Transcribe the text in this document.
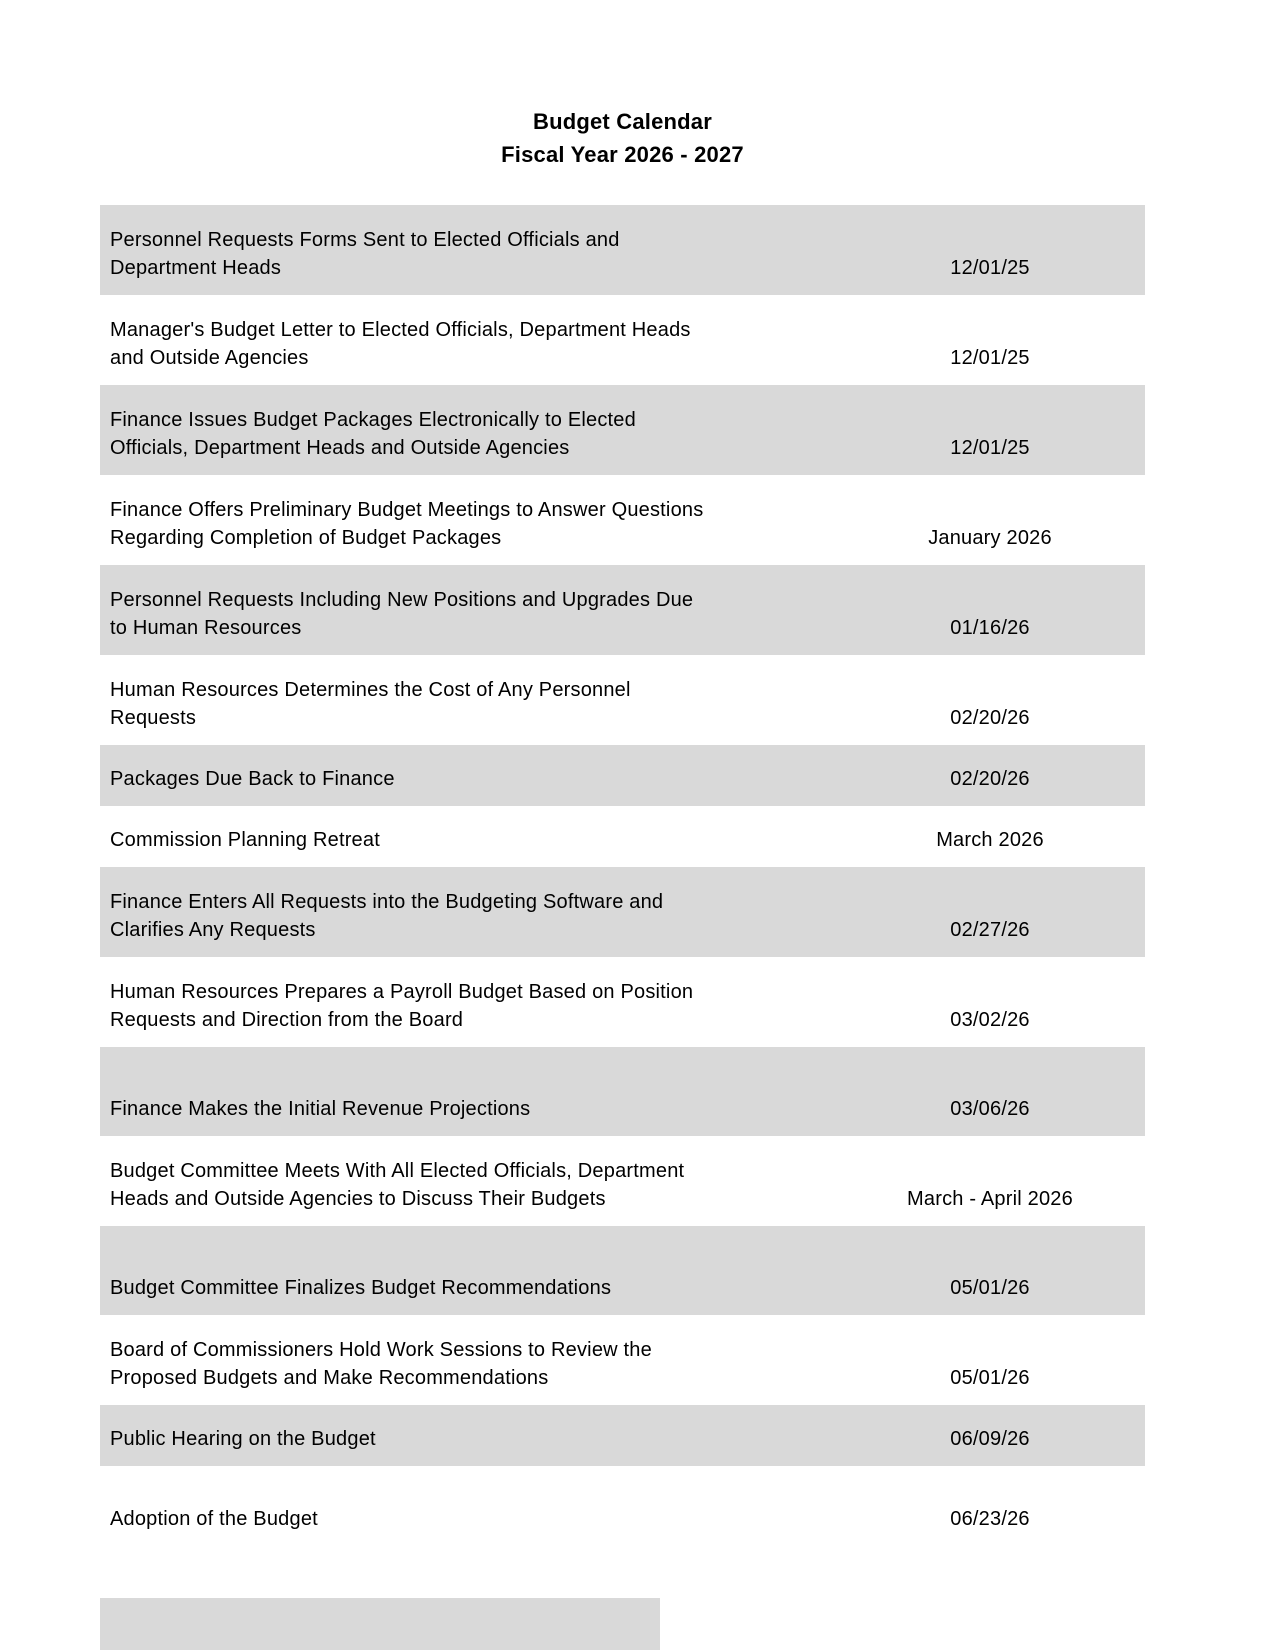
Budget Calendar
Fiscal Year 2026 - 2027
Personnel Requests Forms Sent to Elected Officials and
Department Heads	12/01/25
Manager's Budget Letter to Elected Officials, Department Heads
and Outside Agencies	12/01/25
Finance Issues Budget Packages Electronically to Elected
Officials, Department Heads and Outside Agencies	12/01/25
Finance Offers Preliminary Budget Meetings to Answer Questions
Regarding Completion of Budget Packages	January 2026
Personnel Requests Including New Positions and Upgrades Due
to Human Resources	01/16/26
Human Resources Determines the Cost of Any Personnel
Requests	02/20/26
Packages Due Back to Finance	02/20/26
Commission Planning Retreat	March 2026
Finance Enters All Requests into the Budgeting Software and
Clarifies Any Requests	02/27/26
Human Resources Prepares a Payroll Budget Based on Position
Requests and Direction from the Board	03/02/26
Finance Makes the Initial Revenue Projections	03/06/26
Budget Committee Meets With All Elected Officials, Department
Heads and Outside Agencies to Discuss Their Budgets	March - April 2026
Budget Committee Finalizes Budget Recommendations	05/01/26
Board of Commissioners Hold Work Sessions to Review the
Proposed Budgets and Make Recommendations	05/01/26
Public Hearing on the Budget	06/09/26
Adoption of the Budget	06/23/26
